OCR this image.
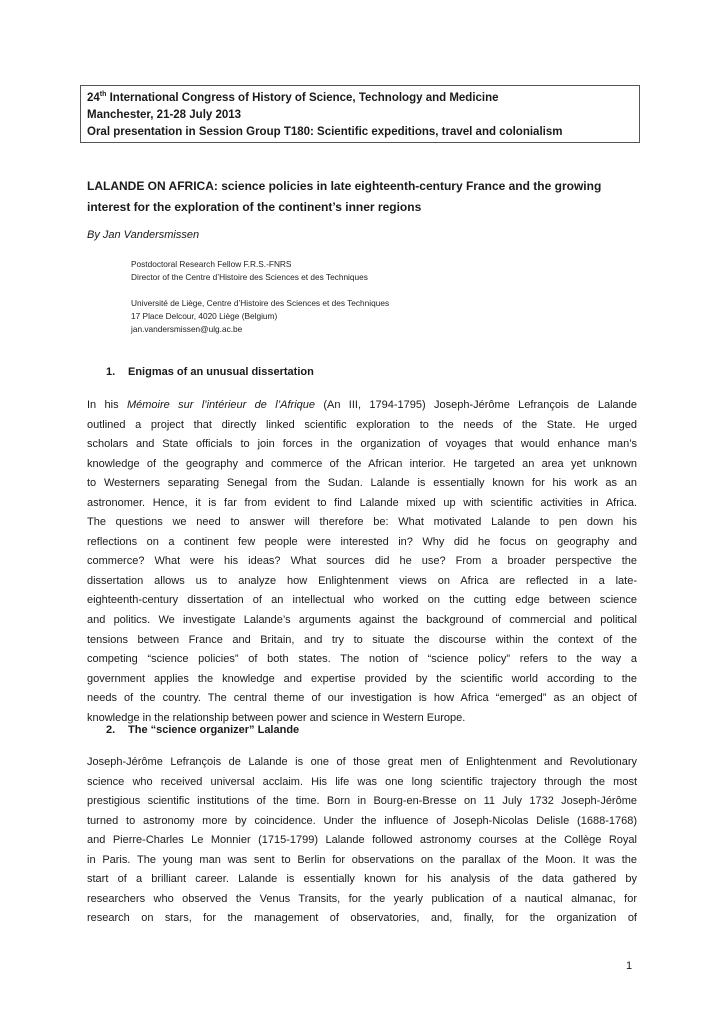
24th International Congress of History of Science, Technology and Medicine
Manchester, 21-28 July 2013
Oral presentation in Session Group T180: Scientific expeditions, travel and colonialism
LALANDE ON AFRICA: science policies in late eighteenth-century France and the growing
interest for the exploration of the continent’s inner regions
By Jan Vandersmissen
Postdoctoral Research Fellow F.R.S.-FNRS
Director of the Centre d’Histoire des Sciences et des Techniques
Université de Liège, Centre d’Histoire des Sciences et des Techniques
17 Place Delcour, 4020 Liège (Belgium)
jan.vandersmissen@ulg.ac.be
1. Enigmas of an unusual dissertation
In his Mémoire sur l’intérieur de l’Afrique (An III, 1794-1795) Joseph-Jérôme Lefrançois de Lalande
outlined a project that directly linked scientific exploration to the needs of the State. He urged
scholars and State officials to join forces in the organization of voyages that would enhance man’s
knowledge of the geography and commerce of the African interior. He targeted an area yet unknown
to Westerners separating Senegal from the Sudan. Lalande is essentially known for his work as an
astronomer. Hence, it is far from evident to find Lalande mixed up with scientific activities in Africa.
The questions we need to answer will therefore be: What motivated Lalande to pen down his
reflections on a continent few people were interested in? Why did he focus on geography and
commerce? What were his ideas? What sources did he use? From a broader perspective the
dissertation allows us to analyze how Enlightenment views on Africa are reflected in a late-
eighteenth-century dissertation of an intellectual who worked on the cutting edge between science
and politics. We investigate Lalande’s arguments against the background of commercial and political
tensions between France and Britain, and try to situate the discourse within the context of the
competing “science policies” of both states. The notion of “science policy” refers to the way a
government applies the knowledge and expertise provided by the scientific world according to the
needs of the country. The central theme of our investigation is how Africa “emerged” as an object of
knowledge in the relationship between power and science in Western Europe.
2. The “science organizer” Lalande
Joseph-Jérôme Lefrançois de Lalande is one of those great men of Enlightenment and Revolutionary
science who received universal acclaim. His life was one long scientific trajectory through the most
prestigious scientific institutions of the time. Born in Bourg-en-Bresse on 11 July 1732 Joseph-Jérôme
turned to astronomy more by coincidence. Under the influence of Joseph-Nicolas Delisle (1688-1768)
and Pierre-Charles Le Monnier (1715-1799) Lalande followed astronomy courses at the Collège Royal
in Paris. The young man was sent to Berlin for observations on the parallax of the Moon. It was the
start of a brilliant career. Lalande is essentially known for his analysis of the data gathered by
researchers who observed the Venus Transits, for the yearly publication of a nautical almanac, for
research on stars, for the management of observatories, and, finally, for the organization of
1
